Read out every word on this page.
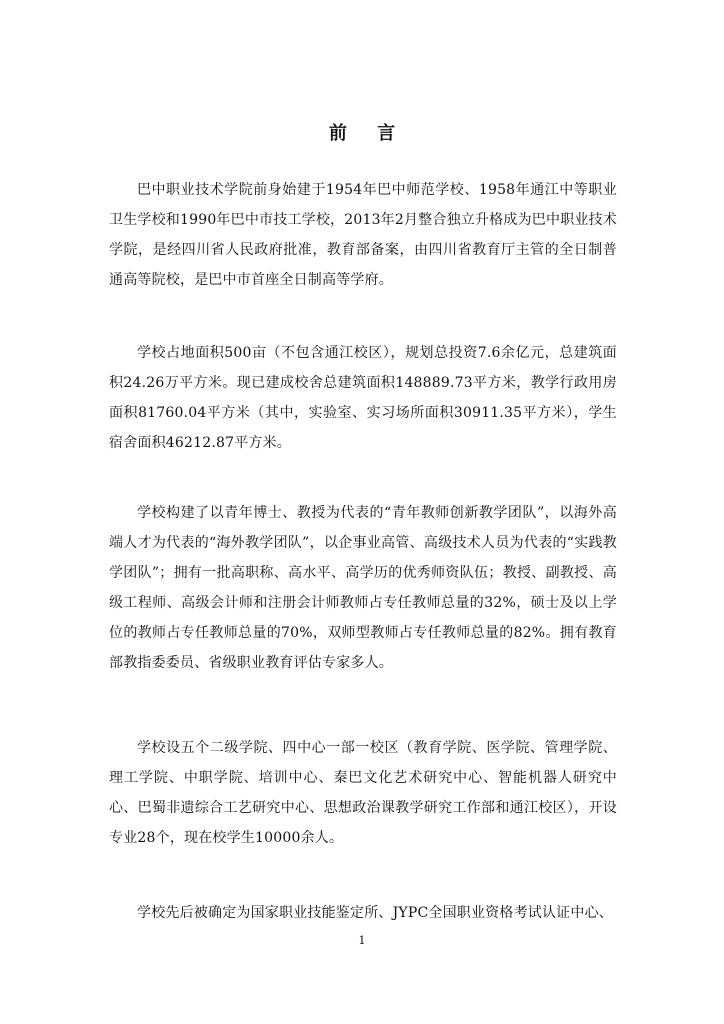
前 言

巴中职业技术学院前身始建于1954年巴中师范学校、1958年通江中等职业卫生学校和1990年巴中市技工学校，2013年2月整合独立升格成为巴中职业技术学院，是经四川省人民政府批准，教育部备案，由四川省教育厅主管的全日制普通高等院校，是巴中市首座全日制高等学府。

学校占地面积500亩（不包含通江校区），规划总投资7.6余亿元，总建筑面积24.26万平方米。现已建成校舍总建筑面积148889.73平方米，教学行政用房面积81760.04平方米（其中，实验室、实习场所面积30911.35平方米），学生宿舍面积46212.87平方米。

学校构建了以青年博士、教授为代表的“青年教师创新教学团队”，以海外高端人才为代表的“海外教学团队”，以企事业高管、高级技术人员为代表的“实践教学团队”；拥有一批高职称、高水平、高学历的优秀师资队伍；教授、副教授、高级工程师、高级会计师和注册会计师教师占专任教师总量的32%，硕士及以上学位的教师占专任教师总量的70%，双师型教师占专任教师总量的82%。拥有教育部教指委委员、省级职业教育评估专家多人。

学校设五个二级学院、四中心一部一校区（教育学院、医学院、管理学院、理工学院、中职学院、培训中心、秦巴文化艺术研究中心、智能机器人研究中心、巴蜀非遗综合工艺研究中心、思想政治课教学研究工作部和通江校区），开设专业28个，现在校学生10000余人。

学校先后被确定为国家职业技能鉴定所、JYPC全国职业资格考试认证中心、

1
